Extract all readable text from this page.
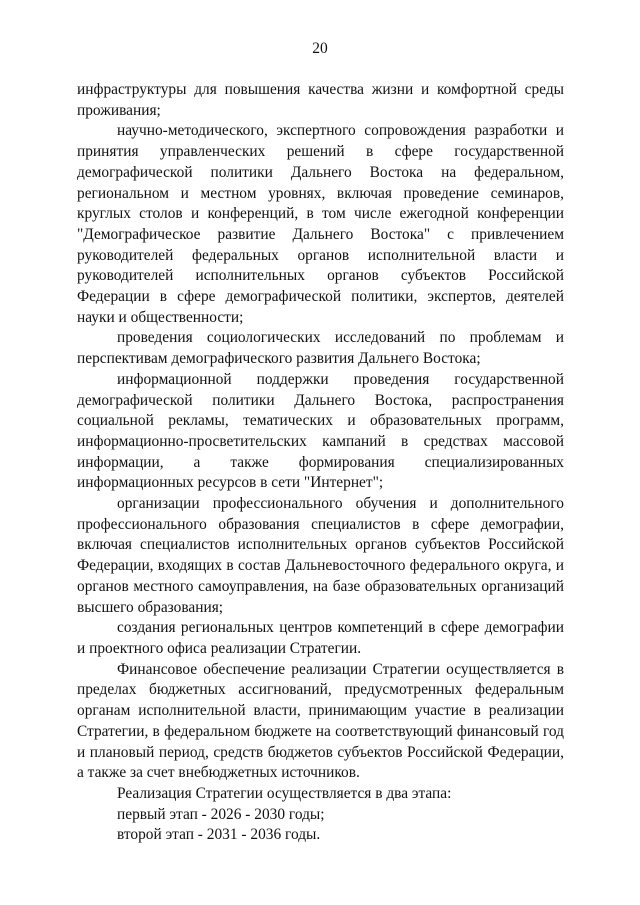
20

инфраструктуры для повышения качества жизни и комфортной среды проживания;

научно-методического, экспертного сопровождения разработки и принятия управленческих решений в сфере государственной демографической политики Дальнего Востока на федеральном, региональном и местном уровнях, включая проведение семинаров, круглых столов и конференций, в том числе ежегодной конференции "Демографическое развитие Дальнего Востока" с привлечением руководителей федеральных органов исполнительной власти и руководителей исполнительных органов субъектов Российской Федерации в сфере демографической политики, экспертов, деятелей науки и общественности;

проведения социологических исследований по проблемам и перспективам демографического развития Дальнего Востока;

информационной поддержки проведения государственной демографической политики Дальнего Востока, распространения социальной рекламы, тематических и образовательных программ, информационно-просветительских кампаний в средствах массовой информации, а также формирования специализированных информационных ресурсов в сети "Интернет";

организации профессионального обучения и дополнительного профессионального образования специалистов в сфере демографии, включая специалистов исполнительных органов субъектов Российской Федерации, входящих в состав Дальневосточного федерального округа, и органов местного самоуправления, на базе образовательных организаций высшего образования;

создания региональных центров компетенций в сфере демографии и проектного офиса реализации Стратегии.

Финансовое обеспечение реализации Стратегии осуществляется в пределах бюджетных ассигнований, предусмотренных федеральным органам исполнительной власти, принимающим участие в реализации Стратегии, в федеральном бюджете на соответствующий финансовый год и плановый период, средств бюджетов субъектов Российской Федерации, а также за счет внебюджетных источников.

Реализация Стратегии осуществляется в два этапа:

первый этап - 2026 - 2030 годы;

второй этап - 2031 - 2036 годы.
